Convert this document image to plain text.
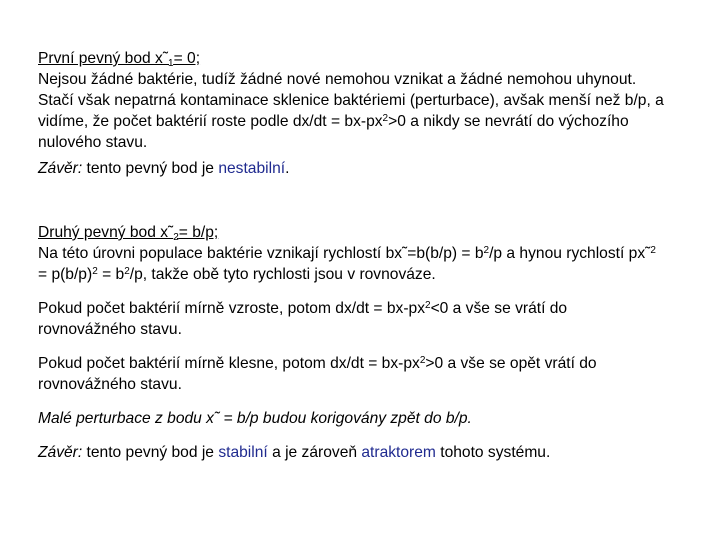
První pevný bod $x˜_1= 0$;

Nejsou žádné baktérie, tudíž žádné nové nemohou vznikat a žádné nemohou uhynout. Stačí však nepatrná kontaminace sklenice baktériemi (perturbace), avšak menší než b/p, a vidíme, že počet baktérií roste podle $dx/dt = bx-px^2>0$ a nikdy se nevrátí do výchozího nulového stavu.

Závěr: tento pevný bod je nestabilní.

Druhý pevný bod $x˜_2= b/p$;

Na této úrovni populace baktérie vznikají rychlostí bx˜=b(b/p) = $b^2/p$ a hynou rychlostí px˜$^2$ = $p(b/p)^2 = b^2/p$, takže obě tyto rychlosti jsou v rovnováze.

Pokud počet baktérií mírně vzroste, potom $dx/dt = bx-px^2<0$ a vše se vrátí do rovnovážného stavu.

Pokud počet baktérií mírně klesne, potom $dx/dt = bx-px^2>0$ a vše se opět vrátí do rovnovážného stavu.

Malé perturbace z bodu x˜ = b/p budou korigovány zpět do b/p.

Závěr: tento pevný bod je stabilní a je zároveň atraktorem tohoto systému.
